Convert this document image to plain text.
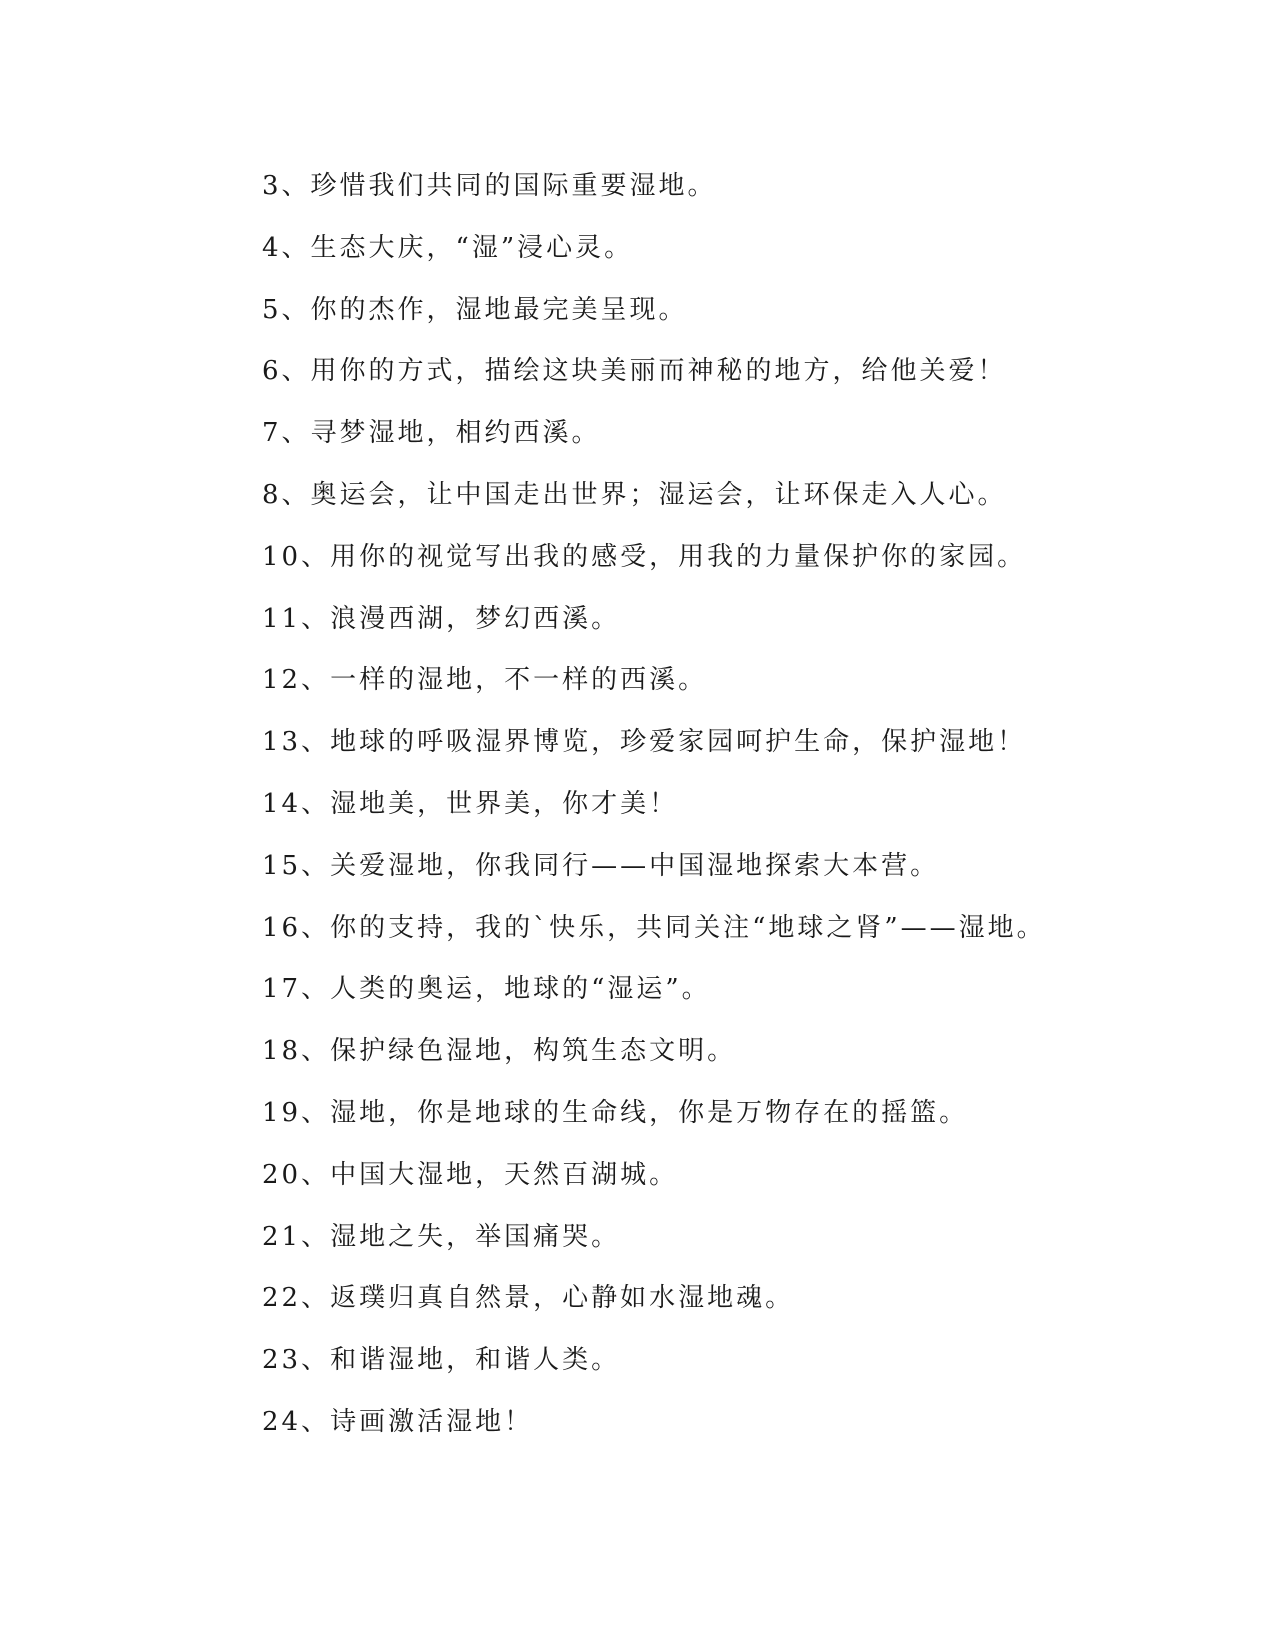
3、珍惜我们共同的国际重要湿地。
4、生态大庆，“湿”浸心灵。
5、你的杰作，湿地最完美呈现。
6、用你的方式，描绘这块美丽而神秘的地方，给他关爱！
7、寻梦湿地，相约西溪。
8、奥运会，让中国走出世界；湿运会，让环保走入人心。
10、用你的视觉写出我的感受，用我的力量保护你的家园。
11、浪漫西湖，梦幻西溪。
12、一样的湿地，不一样的西溪。
13、地球的呼吸湿界博览，珍爱家园呵护生命，保护湿地！
14、湿地美，世界美，你才美！
15、关爱湿地，你我同行——中国湿地探索大本营。
16、你的支持，我的`快乐，共同关注“地球之肾”——湿地。
17、人类的奥运，地球的“湿运”。
18、保护绿色湿地，构筑生态文明。
19、湿地，你是地球的生命线，你是万物存在的摇篮。
20、中国大湿地，天然百湖城。
21、湿地之失，举国痛哭。
22、返璞归真自然景，心静如水湿地魂。
23、和谐湿地，和谐人类。
24、诗画激活湿地！
